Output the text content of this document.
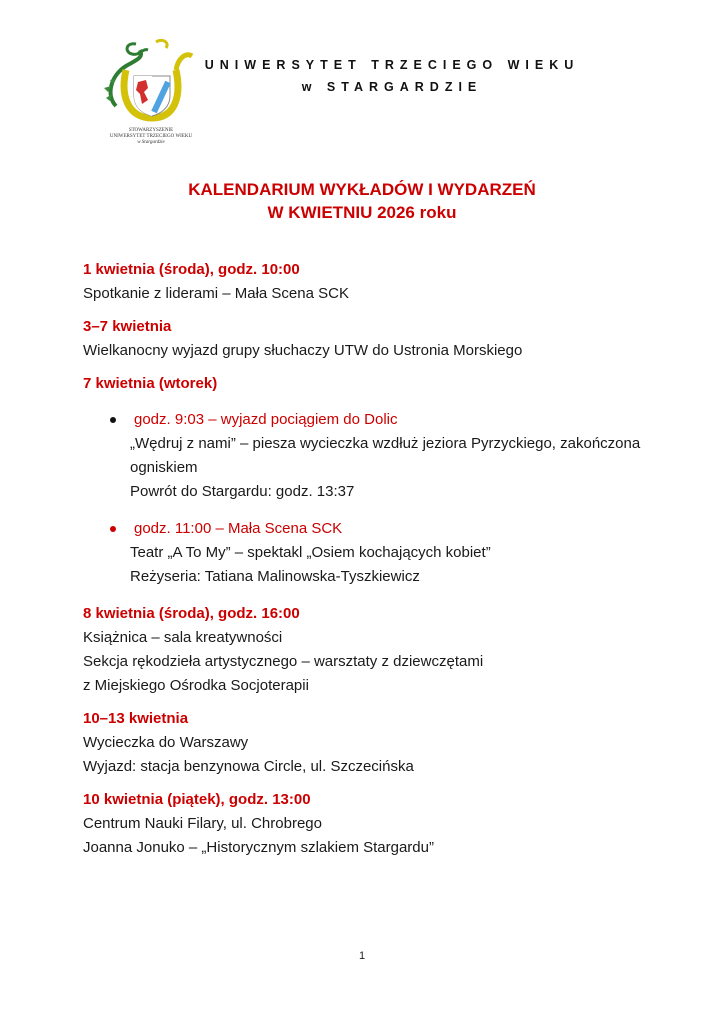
STOWARZYSZENIE
UNIWERSYTET TRZECIEGO WIEKU
w Stargardzie
UNIWERSYTET TRZECIEGO WIEKU
w STARGARDZIE
KALENDARIUM WYKŁADÓW I WYDARZEŃ
W KWIETNIU 2026 roku
1 kwietnia (środa), godz. 10:00
Spotkanie z liderami – Mała Scena SCK
3–7 kwietnia
Wielkanocny wyjazd grupy słuchaczy UTW do Ustronia Morskiego
7 kwietnia (wtorek)
godz. 9:03 – wyjazd pociągiem do Dolic
„Wędruj z nami” – piesza wycieczka wzdłuż jeziora Pyrzyckiego, zakończona
ogniskiem
Powrót do Stargardu: godz. 13:37
godz. 11:00 – Mała Scena SCK
Teatr „A To My” – spektakl „Osiem kochających kobiet”
Reżyseria: Tatiana Malinowska-Tyszkiewicz
8 kwietnia (środa), godz. 16:00
Książnica – sala kreatywności
Sekcja rękodzieła artystycznego – warsztaty z dziewczętami
z Miejskiego Ośrodka Socjoterapii
10–13 kwietnia
Wycieczka do Warszawy
Wyjazd: stacja benzynowa Circle, ul. Szczecińska
10 kwietnia (piątek), godz. 13:00
Centrum Nauki Filary, ul. Chrobrego
Joanna Jonuko – „Historycznym szlakiem Stargardu”
1
